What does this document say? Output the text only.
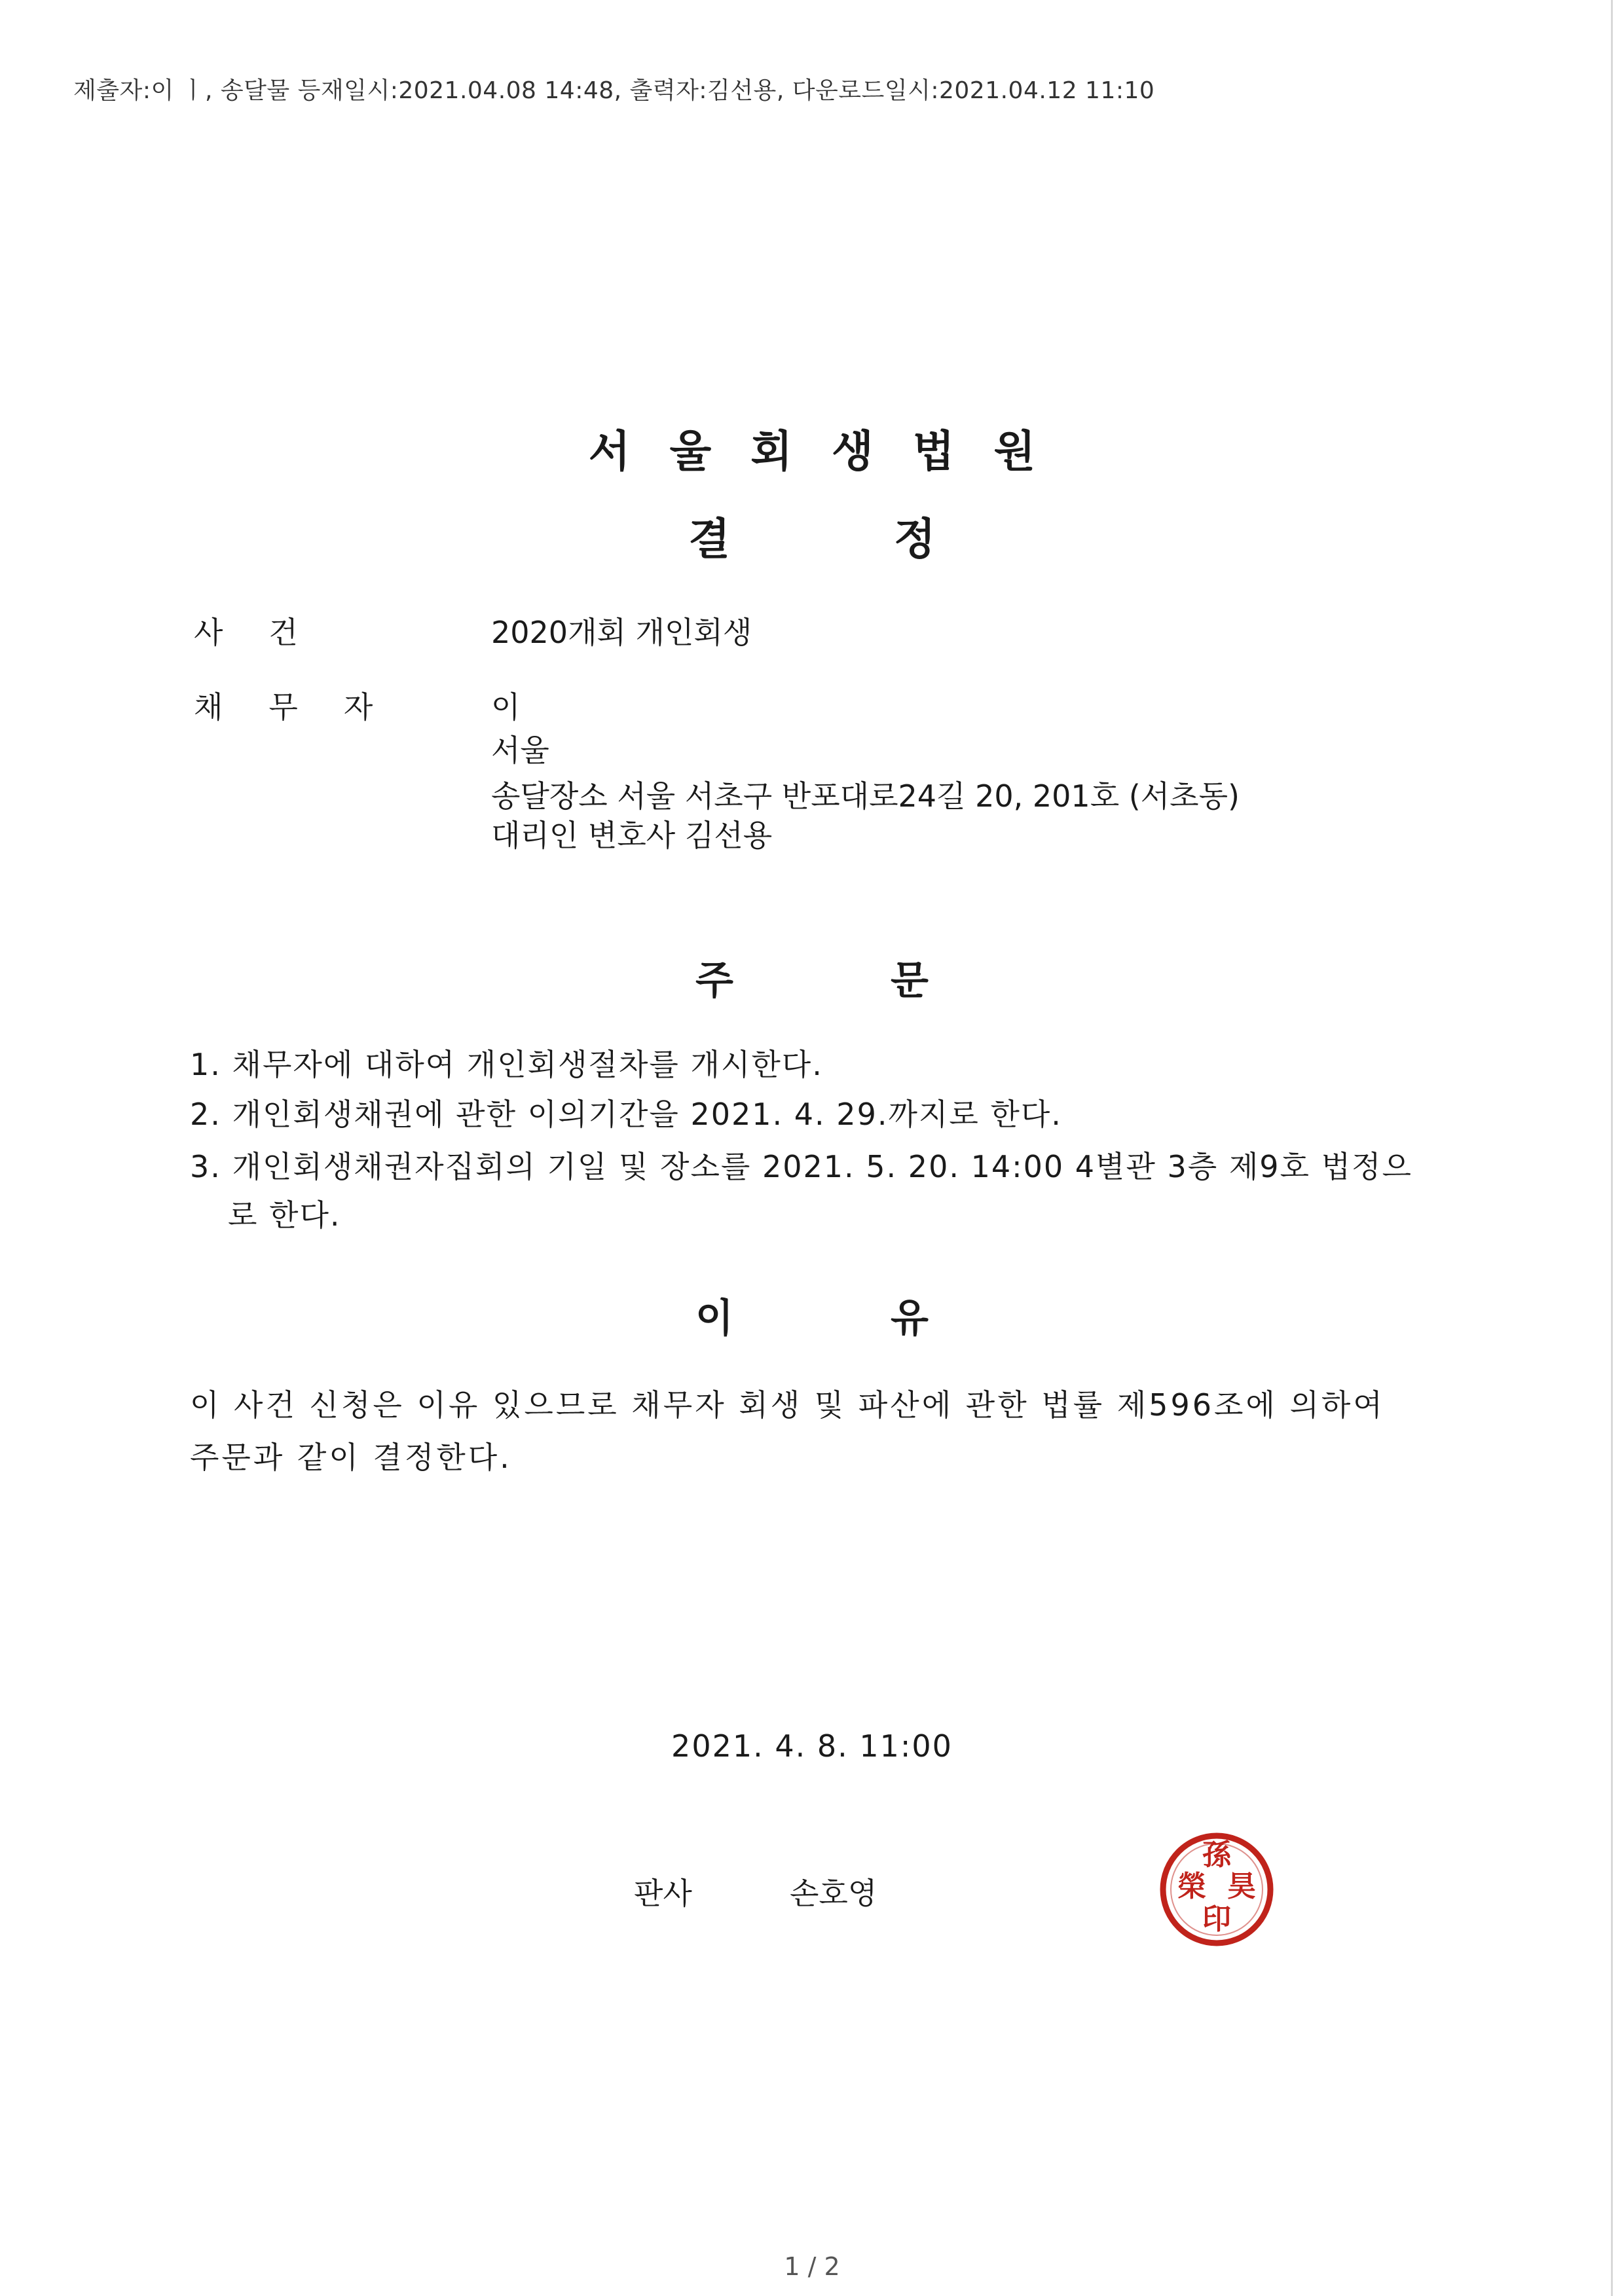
제출자:이 ㅣ, 송달물 등재일시:2021.04.08 14:48, 출력자:김선용, 다운로드일시:2021.04.12 11:10
서울회생법원
결정
사건	2020개회 개인회생
채무자 이
서울
송달장소 서울 서초구 반포대로24길 20, 201호 (서초동)
대리인 변호사 김선용
주문
1. 채무자에 대하여 개인회생절차를 개시한다.
2. 개인회생채권에 관한 이의기간을 2021. 4. 29.까지로 한다.
3. 개인회생채권자집회의 기일 및 장소를 2021. 5. 20. 14:00 4별관 3층 제9호 법정으
로 한다.
이유
이 사건 신청은 이유 있으므로 채무자 회생 및 파산에 관한 법률 제596조에 의하여
주문과 같이 결정한다.
2021. 4. 8. 11:00
판사	손호영
孫
榮 昊
印
1 / 2
